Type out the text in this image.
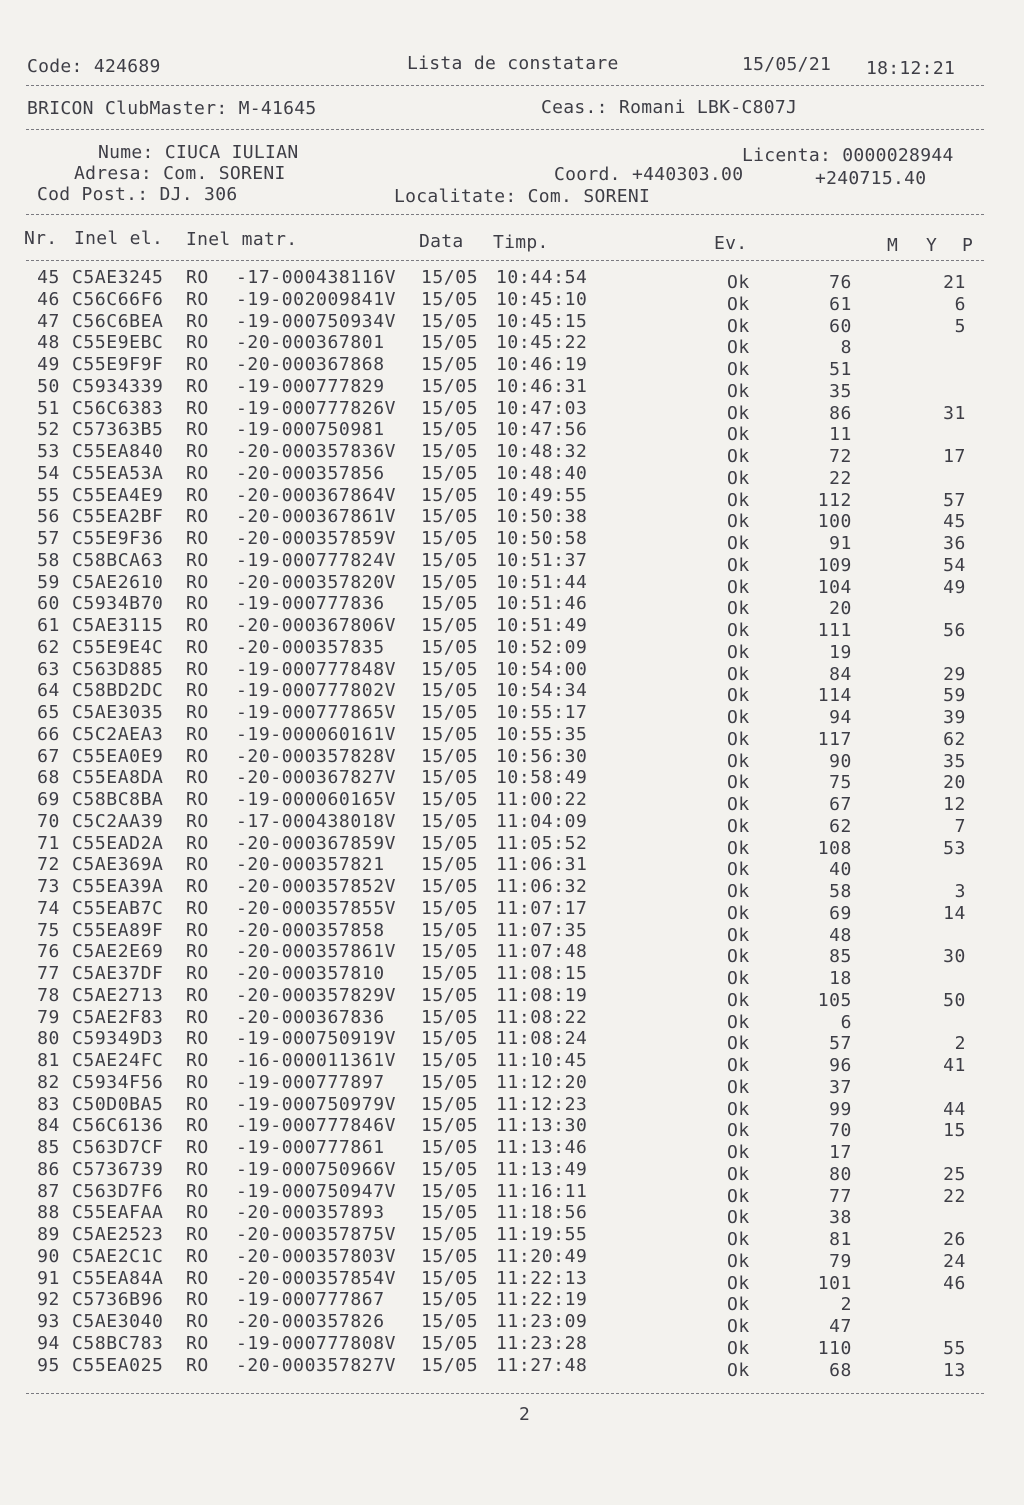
Code: 424689	Lista de constatare	15/05/21 18:12:21
BRICON ClubMaster: M-41645	Ceas.: Romani LBK-C807J
Nume: CIUCA IULIAN	Licenta: 0000028944
Adresa: Com. SORENI	Coord. +440303.00	+240715.40
Cod Post.: DJ. 306	Localitate: Com. SORENI
Nr. Inel el. Inel matr.	Data Timp.	Ev.	M Y P
45 C5AE3245 RO -17-000438116V 15/05 10:44:54	Ok	76	21
46 C56C66F6 RO -19-002009841V 15/05 10:45:10	Ok	61	6
47 C56C6BEA RO -19-000750934V 15/05 10:45:15	Ok	60	5
48 C55E9EBC RO -20-000367801 15/05 10:45:22	Ok	8
49 C55E9F9F RO -20-000367868 15/05 10:46:19	Ok	51
50 C5934339 RO -19-000777829 15/05 10:46:31	Ok	35
51 C56C6383 RO -19-000777826V 15/05 10:47:03	Ok	86	31
52 C57363B5 RO -19-000750981 15/05 10:47:56	Ok	11
53 C55EA840 RO -20-000357836V 15/05 10:48:32	Ok	72	17
54 C55EA53A RO -20-000357856 15/05 10:48:40	Ok	22
55 C55EA4E9 RO -20-000367864V 15/05 10:49:55	Ok	112	57
56 C55EA2BF RO -20-000367861V 15/05 10:50:38	Ok	100	45
57 C55E9F36 RO -20-000357859V 15/05 10:50:58	Ok	91	36
58 C58BCA63 RO -19-000777824V 15/05 10:51:37	Ok	109	54
59 C5AE2610 RO -20-000357820V 15/05 10:51:44	Ok	104	49
60 C5934B70 RO -19-000777836 15/05 10:51:46	Ok	20
61 C5AE3115 RO -20-000367806V 15/05 10:51:49	Ok	111	56
62 C55E9E4C RO -20-000357835 15/05 10:52:09	Ok	19
63 C563D885 RO -19-000777848V 15/05 10:54:00	Ok	84	29
64 C58BD2DC RO -19-000777802V 15/05 10:54:34	Ok	114	59
65 C5AE3035 RO -19-000777865V 15/05 10:55:17	Ok	94	39
66 C5C2AEA3 RO -19-000060161V 15/05 10:55:35	Ok	117	62
67 C55EA0E9 RO -20-000357828V 15/05 10:56:30	Ok	90	35
68 C55EA8DA RO -20-000367827V 15/05 10:58:49	Ok	75	20
69 C58BC8BA RO -19-000060165V 15/05 11:00:22	Ok	67	12
70 C5C2AA39 RO -17-000438018V 15/05 11:04:09	Ok	62	7
71 C55EAD2A RO -20-000367859V 15/05 11:05:52	Ok	108	53
72 C5AE369A RO -20-000357821 15/05 11:06:31	Ok	40
73 C55EA39A RO -20-000357852V 15/05 11:06:32	Ok	58	3
74 C55EAB7C RO -20-000357855V 15/05 11:07:17	Ok	69	14
75 C55EA89F RO -20-000357858 15/05 11:07:35	Ok	48
76 C5AE2E69 RO -20-000357861V 15/05 11:07:48	Ok	85	30
77 C5AE37DF RO -20-000357810 15/05 11:08:15	Ok	18
78 C5AE2713 RO -20-000357829V 15/05 11:08:19	Ok	105	50
79 C5AE2F83 RO -20-000367836 15/05 11:08:22	Ok	6
80 C59349D3 RO -19-000750919V 15/05 11:08:24	Ok	57	2
81 C5AE24FC RO -16-000011361V 15/05 11:10:45	Ok	96	41
82 C5934F56 RO -19-000777897 15/05 11:12:20	Ok	37
83 C50D0BA5 RO -19-000750979V 15/05 11:12:23	Ok	99	44
84 C56C6136 RO -19-000777846V 15/05 11:13:30	Ok	70	15
85 C563D7CF RO -19-000777861 15/05 11:13:46	Ok	17
86 C5736739 RO -19-000750966V 15/05 11:13:49	Ok	80	25
87 C563D7F6 RO -19-000750947V 15/05 11:16:11	Ok	77	22
88 C55EAFAA RO -20-000357893 15/05 11:18:56	Ok	38
89 C5AE2523 RO -20-000357875V 15/05 11:19:55	Ok	81	26
90 C5AE2C1C RO -20-000357803V 15/05 11:20:49	Ok	79	24
91 C55EA84A RO -20-000357854V 15/05 11:22:13	Ok	101	46
92 C5736B96 RO -19-000777867 15/05 11:22:19	Ok	2
93 C5AE3040 RO -20-000357826 15/05 11:23:09	Ok	47
94 C58BC783 RO -19-000777808V 15/05 11:23:28	Ok	110	55
95 C55EA025 RO -20-000357827V 15/05 11:27:48	Ok	68	13
2
